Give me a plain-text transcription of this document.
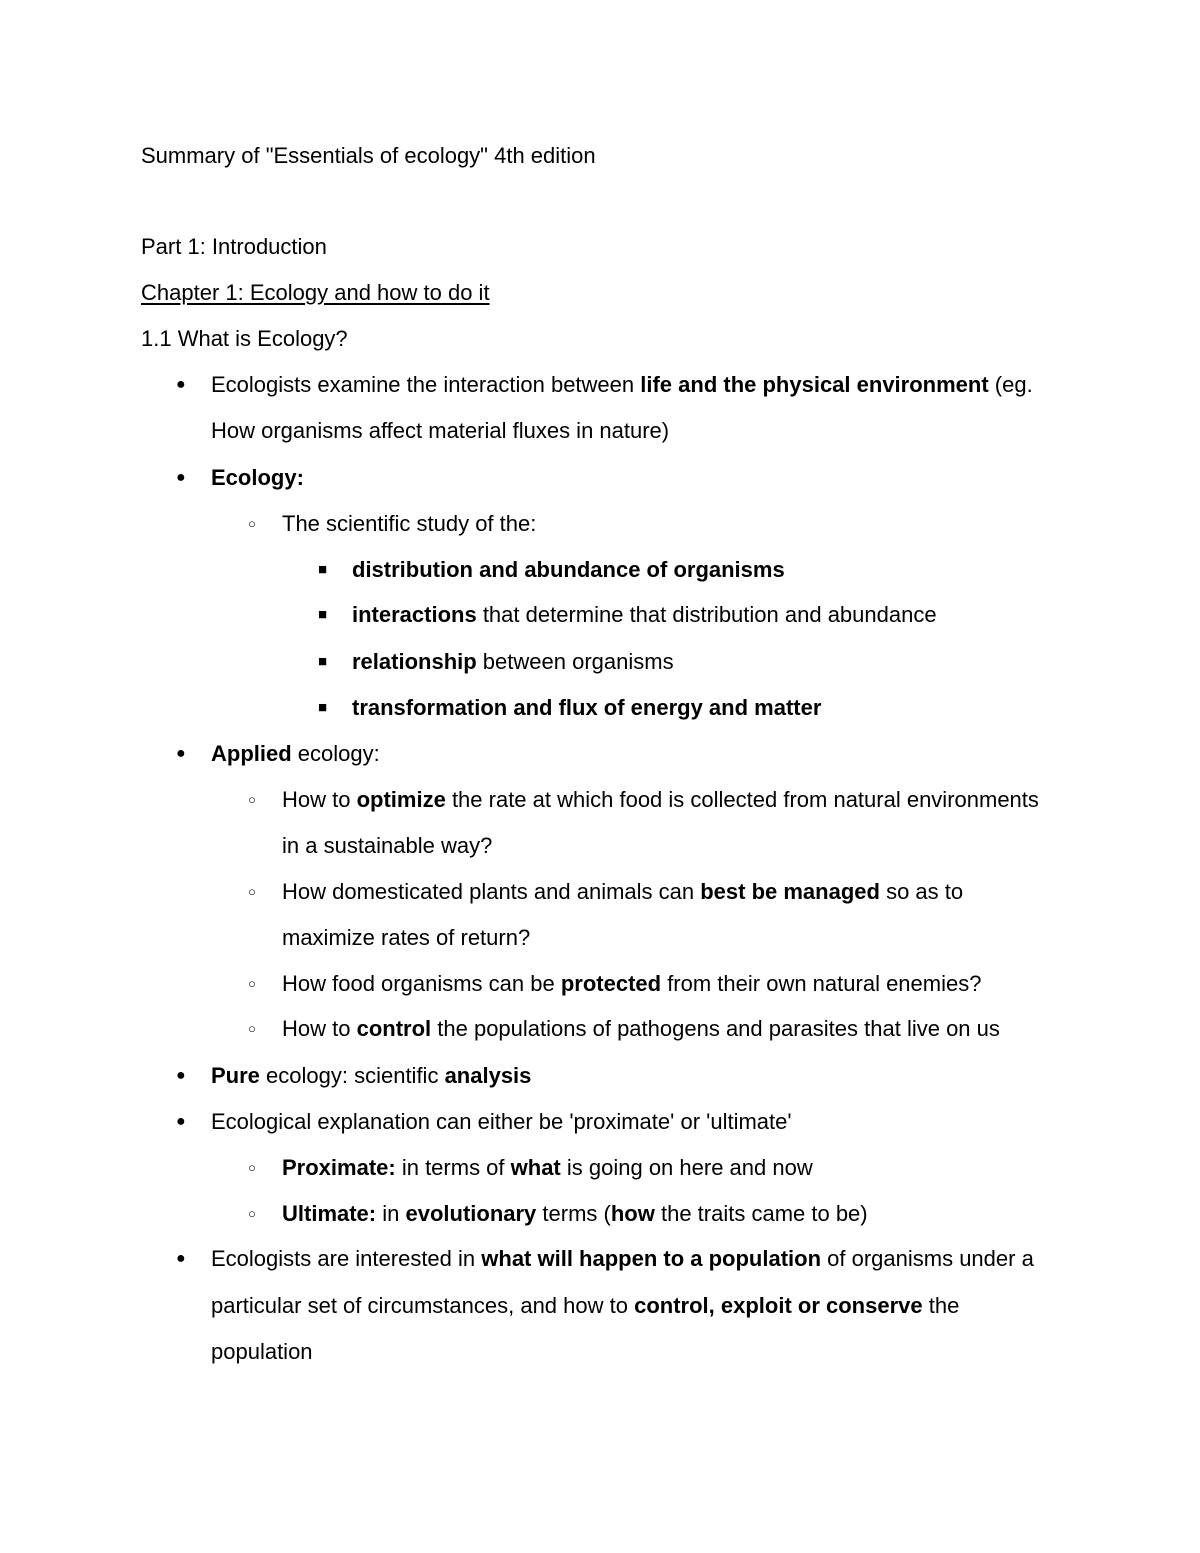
Summary of "Essentials of ecology" 4th edition
Part 1: Introduction
Chapter 1: Ecology and how to do it
1.1 What is Ecology?
● Ecologists examine the interaction between life and the physical environment (eg.
How organisms affect material fluxes in nature)
● Ecology:
○ The scientific study of the:
■ distribution and abundance of organisms
■ interactions that determine that distribution and abundance
■ relationship between organisms
■ transformation and flux of energy and matter
● Applied ecology:
○ How to optimize the rate at which food is collected from natural environments
in a sustainable way?
○ How domesticated plants and animals can best be managed so as to
maximize rates of return?
○ How food organisms can be protected from their own natural enemies?
○ How to control the populations of pathogens and parasites that live on us
● Pure ecology: scientific analysis
● Ecological explanation can either be 'proximate' or 'ultimate'
○ Proximate: in terms of what is going on here and now
○ Ultimate: in evolutionary terms (how the traits came to be)
● Ecologists are interested in what will happen to a population of organisms under a
particular set of circumstances, and how to control, exploit or conserve the
population
